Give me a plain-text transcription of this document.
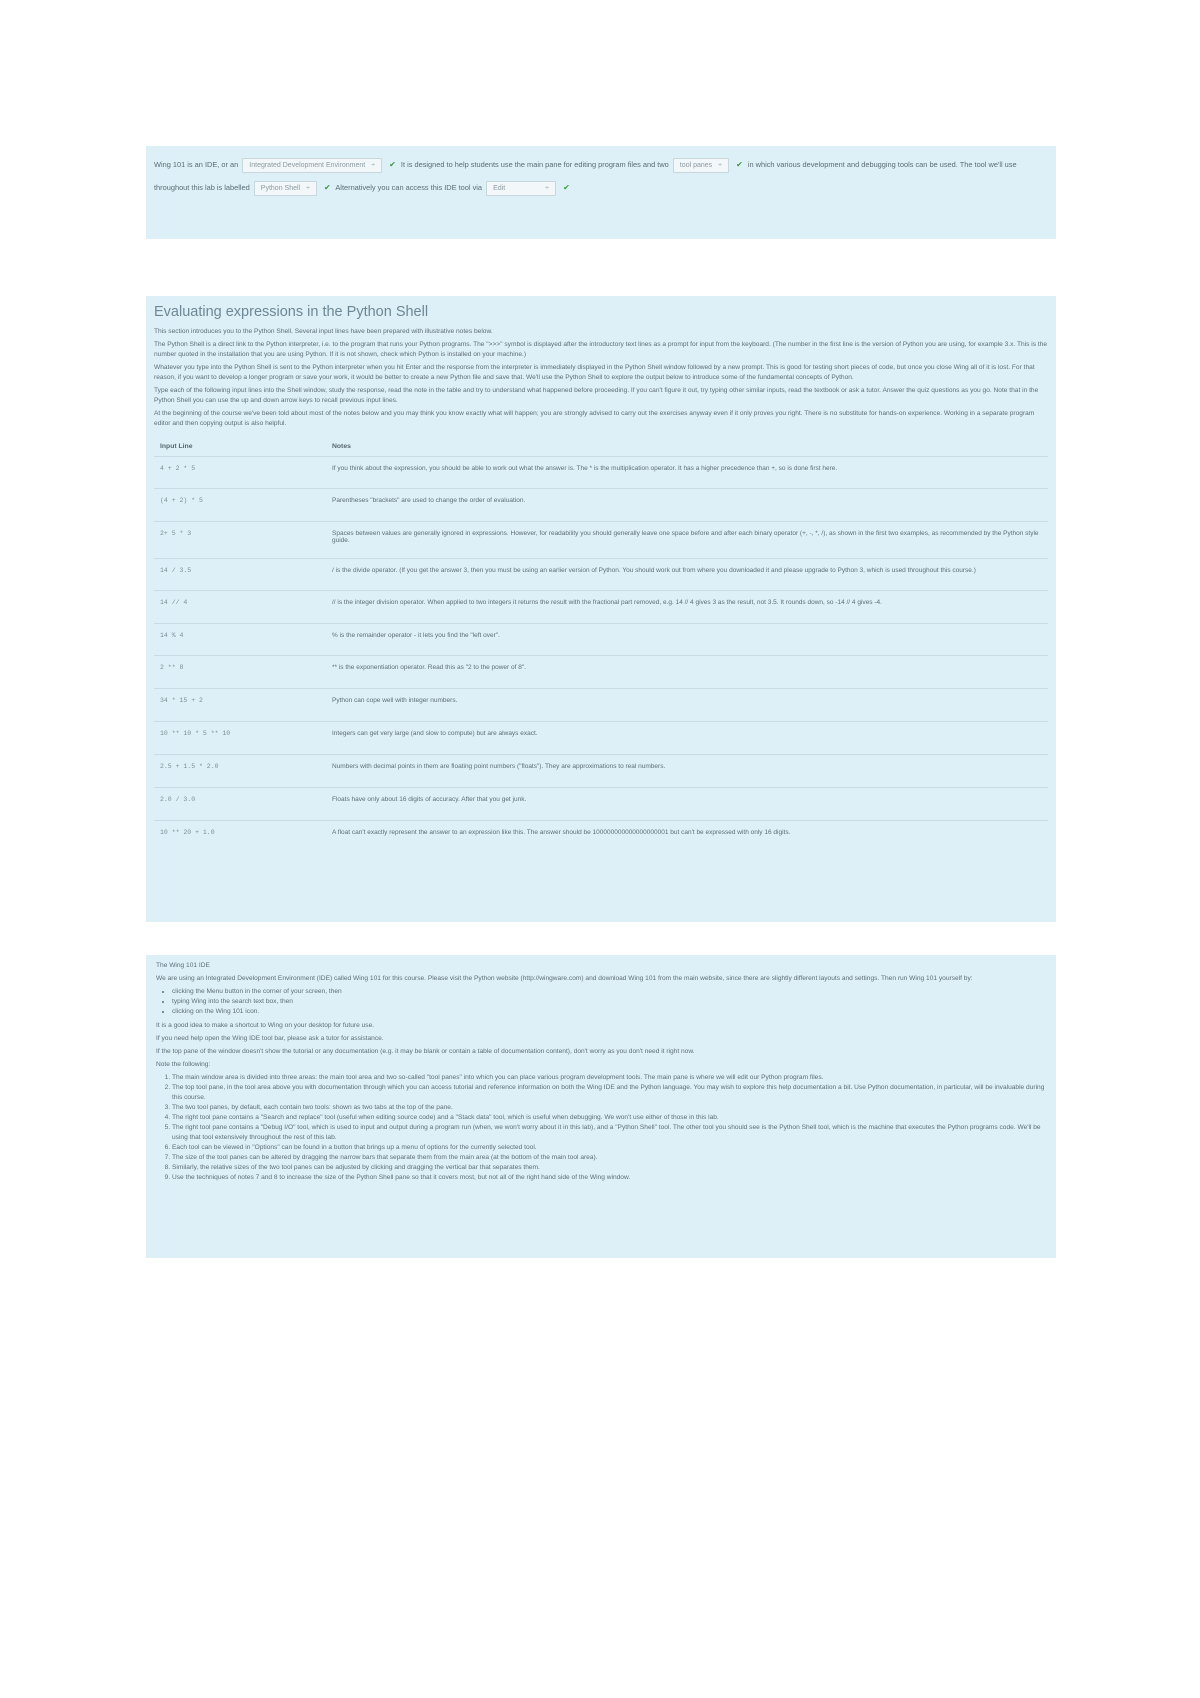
Wing 101 is an IDE, or an Integrated Development Environment ÷ ✔ It is designed to help students use the main pane for editing program files and two tool panes ÷ ✔ in which various development and debugging tools can be used. The tool we'll use throughout this lab is labelled Python Shell ÷ ✔ Alternatively you can access this IDE tool via Edit	÷ ✔
Evaluating expressions in the Python Shell

This section introduces you to the Python Shell. Several input lines have been prepared with illustrative notes below.

The Python Shell is a direct link to the Python interpreter, i.e. to the program that runs your Python programs. The ">>>" symbol is displayed after the introductory text lines as a prompt for input from the keyboard. (The number in the first line is the version of Python you are using, for example 3.x. This is the number quoted in the installation that you are using Python. If it is not shown, check which Python is installed on your machine.)

Whatever you type into the Python Shell is sent to the Python interpreter when you hit Enter and the response from the interpreter is immediately displayed in the Python Shell window followed by a new prompt. This is good for testing short pieces of code, but once you close Wing all of it is lost. For that reason, if you want to develop a longer program or save your work, it would be better to create a new Python file and save that. We'll use the Python Shell to explore the output below to introduce some of the fundamental concepts of Python.

Type each of the following input lines into the Shell window, study the response, read the note in the table and try to understand what happened before proceeding. If you can't figure it out, try typing other similar inputs, read the textbook or ask a tutor. Answer the quiz questions as you go. Note that in the Python Shell you can use the up and down arrow keys to recall previous input lines.

At the beginning of the course we've been told about most of the notes below and you may think you know exactly what will happen; you are strongly advised to carry out the exercises anyway even if it only proves you right. There is no substitute for hands-on experience. Working in a separate program editor and then copying output is also helpful.

Input Line	Notes
4 + 2 * 5	If you think about the expression, you should be able to work out what the answer is. The * is the multiplication operator. It has a higher precedence than +, so is done first here.
(4 + 2) * 5	Parentheses "brackets" are used to change the order of evaluation.
2+ 5 * 3	Spaces between values are generally ignored in expressions. However, for readability you should generally leave one space before and after each binary operator (+, -, *, /), as shown in the first two examples, as recommended by the Python style guide.
14 / 3.5	/ is the divide operator. (If you get the answer 3, then you must be using an earlier version of Python. You should work out from where you downloaded it and please upgrade to Python 3, which is used throughout this course.)
14 // 4	// is the integer division operator. When applied to two integers it returns the result with the fractional part removed, e.g. 14 // 4 gives 3 as the result, not 3.5. It rounds down, so -14 // 4 gives -4.
14 % 4	% is the remainder operator - it lets you find the "left over".
2 ** 8	** is the exponentiation operator. Read this as "2 to the power of 8".
34 * 15 + 2	Python can cope well with integer numbers.
10 ** 10 * 5 ** 10	Integers can get very large (and slow to compute) but are always exact.
2.5 + 1.5 * 2.0	Numbers with decimal points in them are floating point numbers ("floats"). They are approximations to real numbers.
2.0 / 3.0	Floats have only about 16 digits of accuracy. After that you get junk.
10 ** 20 + 1.0	A float can't exactly represent the answer to an expression like this. The answer should be 100000000000000000001 but can't be expressed with only 16 digits.

The Wing 101 IDE

We are using an Integrated Development Environment (IDE) called Wing 101 for this course. Please visit the Python website (http://wingware.com) and download Wing 101 from the main website, since there are slightly different layouts and settings. Then run Wing 101 yourself by:

• clicking the Menu button in the corner of your screen, then
• typing Wing into the search text box, then
• clicking on the Wing 101 icon.

It is a good idea to make a shortcut to Wing on your desktop for future use.

If you need help open the Wing IDE tool bar, please ask a tutor for assistance.

If the top pane of the window doesn't show the tutorial or any documentation (e.g. it may be blank or contain a table of documentation content), don't worry as you don't need it right now.

Note the following:

1. The main window area is divided into three areas: the main tool area and two so-called "tool panes" into which you can place various program development tools. The main pane is where we will edit our Python program files.
2. The top tool pane, in the tool area above you with documentation through which you can access tutorial and reference information on both the Wing IDE and the Python language. You may wish to explore this help documentation a bit. Use Python documentation, in particular, will be invaluable during this course.
3. The two tool panes, by default, each contain two tools: shown as two tabs at the top of the pane.
4. The right tool pane contains a "Search and replace" tool (useful when editing source code) and a "Stack data" tool, which is useful when debugging. We won't use either of those in this lab.
5. The right tool pane contains a "Debug I/O" tool, which is used to input and output during a program run (when, we won't worry about it in this lab), and a "Python Shell" tool. The other tool you should see is the Python Shell tool, which is the machine that executes the Python programs code. We'll be using that tool extensively throughout the rest of this lab.
6. Each tool can be viewed in "Options" can be found in a button that brings up a menu of options for the currently selected tool.
7. The size of the tool panes can be altered by dragging the narrow bars that separate them from the main area (at the bottom of the main tool area).
8. Similarly, the relative sizes of the two tool panes can be adjusted by clicking and dragging the vertical bar that separates them.
9. Use the techniques of notes 7 and 8 to increase the size of the Python Shell pane so that it covers most, but not all of the right hand side of the Wing window.
